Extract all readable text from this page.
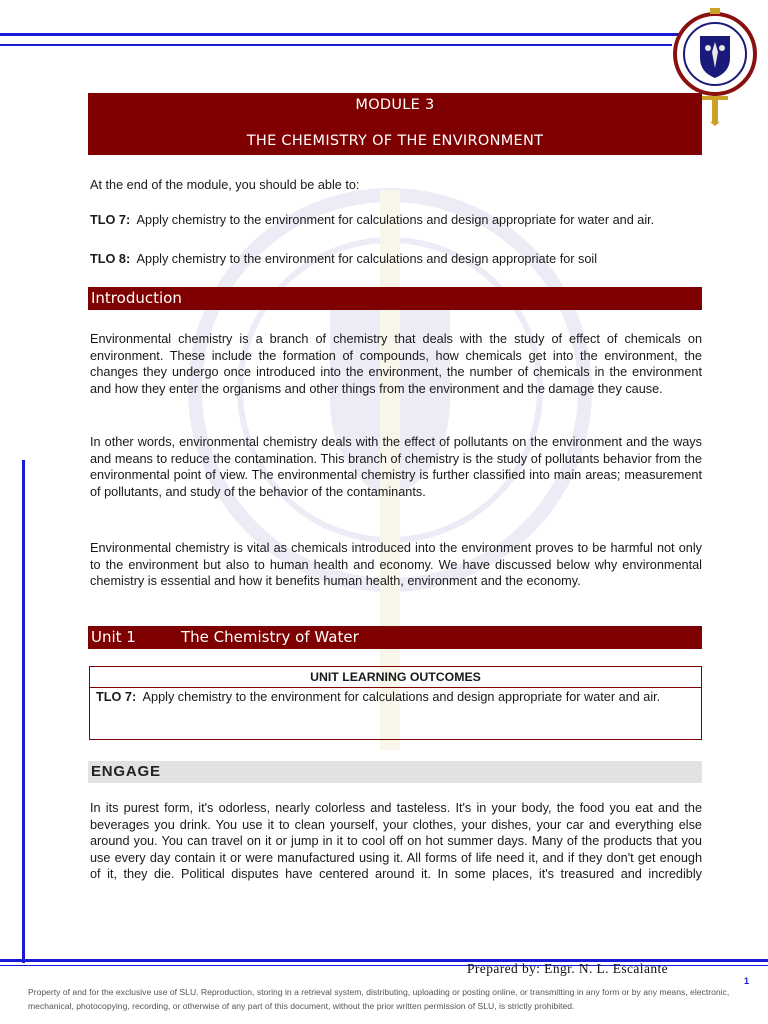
MODULE 3
THE CHEMISTRY OF THE ENVIRONMENT
At the end of the module, you should be able to:
TLO 7: Apply chemistry to the environment for calculations and design appropriate for water and air.
TLO 8: Apply chemistry to the environment for calculations and design appropriate for soil
Introduction
Environmental chemistry is a branch of chemistry that deals with the study of effect of chemicals on environment. These include the formation of compounds, how chemicals get into the environment, the changes they undergo once introduced into the environment, the number of chemicals in the environment and how they enter the organisms and other things from the environment and the damage they cause.
In other words, environmental chemistry deals with the effect of pollutants on the environment and the ways and means to reduce the contamination. This branch of chemistry is the study of pollutants behavior from the environmental point of view. The environmental chemistry is further classified into main areas; measurement of pollutants, and study of the behavior of the contaminants.
Environmental chemistry is vital as chemicals introduced into the environment proves to be harmful not only to the environment but also to human health and economy. We have discussed below why environmental chemistry is essential and how it benefits human health, environment and the economy.
Unit 1	The Chemistry of Water
UNIT LEARNING OUTCOMES
TLO 7: Apply chemistry to the environment for calculations and design appropriate for water and air.
ENGAGE
In its purest form, it's odorless, nearly colorless and tasteless. It's in your body, the food you eat and the beverages you drink. You use it to clean yourself, your clothes, your dishes, your car and everything else around you. You can travel on it or jump in it to cool off on hot summer days. Many of the products that you use every day contain it or were manufactured using it. All forms of life need it, and if they don't get enough of it, they die. Political disputes have centered around it. In some places, it's treasured and incredibly
Prepared by: Engr. N. L. Escalante
1
Property of and for the exclusive use of SLU. Reproduction, storing in a retrieval system, distributing, uploading or posting online, or transmitting in any form or by any means, electronic, mechanical, photocopying, recording, or otherwise of any part of this document, without the prior written permission of SLU, is strictly prohibited.
